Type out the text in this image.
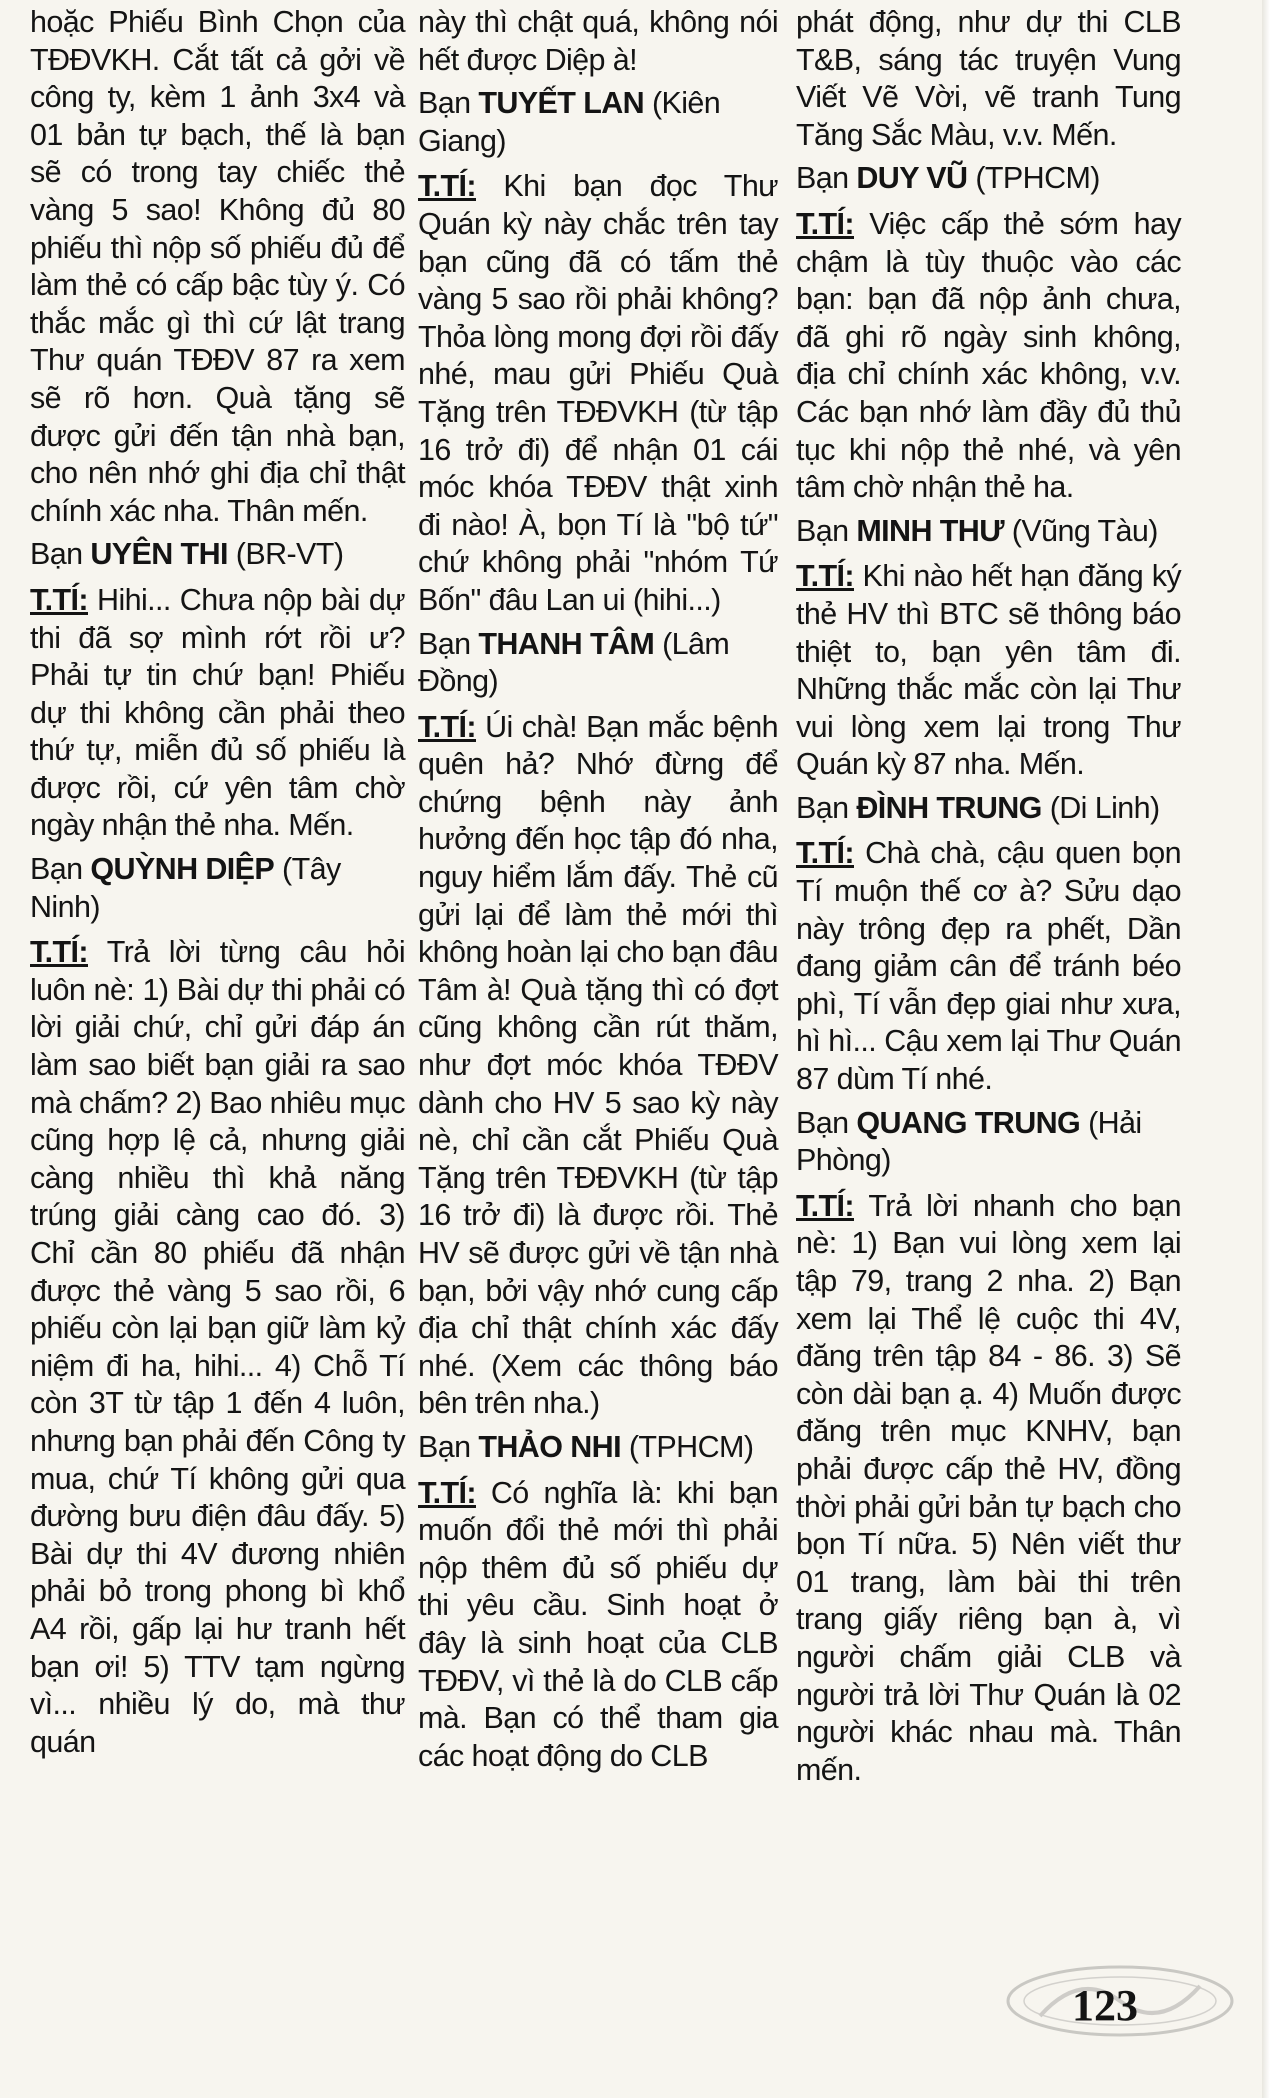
hoặc Phiếu Bình Chọn của TĐĐVKH. Cắt tất cả gởi về công ty, kèm 1 ảnh 3x4 và 01 bản tự bạch, thế là bạn sẽ có trong tay chiếc thẻ vàng 5 sao! Không đủ 80 phiếu thì nộp số phiếu đủ để làm thẻ có cấp bậc tùy ý. Có thắc mắc gì thì cứ lật trang Thư quán TĐĐV 87 ra xem sẽ rõ hơn. Quà tặng sẽ được gửi đến tận nhà bạn, cho nên nhớ ghi địa chỉ thật chính xác nha. Thân mến.

Bạn UYÊN THI (BR-VT)

T.TÍ: Hihi... Chưa nộp bài dự thi đã sợ mình rớt rồi ư? Phải tự tin chứ bạn! Phiếu dự thi không cần phải theo thứ tự, miễn đủ số phiếu là được rồi, cứ yên tâm chờ ngày nhận thẻ nha. Mến.

Bạn QUỲNH DIỆP (Tây Ninh)

T.TÍ: Trả lời từng câu hỏi luôn nè: 1) Bài dự thi phải có lời giải chứ, chỉ gửi đáp án làm sao biết bạn giải ra sao mà chấm? 2) Bao nhiêu mục cũng hợp lệ cả, nhưng giải càng nhiều thì khả năng trúng giải càng cao đó. 3) Chỉ cần 80 phiếu đã nhận được thẻ vàng 5 sao rồi, 6 phiếu còn lại bạn giữ làm kỷ niệm đi ha, hihi... 4) Chỗ Tí còn 3T từ tập 1 đến 4 luôn, nhưng bạn phải đến Công ty mua, chứ Tí không gửi qua đường bưu điện đâu đấy. 5) Bài dự thi 4V đương nhiên phải bỏ trong phong bì khổ A4 rồi, gấp lại hư tranh hết bạn ơi! 5) TTV tạm ngừng vì... nhiều lý do, mà thư quán

này thì chật quá, không nói hết được Diệp à!

Bạn TUYẾT LAN (Kiên Giang)

T.TÍ: Khi bạn đọc Thư Quán kỳ này chắc trên tay bạn cũng đã có tấm thẻ vàng 5 sao rồi phải không? Thỏa lòng mong đợi rồi đấy nhé, mau gửi Phiếu Quà Tặng trên TĐĐVKH (từ tập 16 trở đi) để nhận 01 cái móc khóa TĐĐV thật xinh đi nào! À, bọn Tí là "bộ tứ" chứ không phải "nhóm Tứ Bốn" đâu Lan ui (hihi...)

Bạn THANH TÂM (Lâm Đồng)

T.TÍ: Úi chà! Bạn mắc bệnh quên hả? Nhớ đừng để chứng bệnh này ảnh hưởng đến học tập đó nha, nguy hiểm lắm đấy. Thẻ cũ gửi lại để làm thẻ mới thì không hoàn lại cho bạn đâu Tâm à! Quà tặng thì có đợt cũng không cần rút thăm, như đợt móc khóa TĐĐV dành cho HV 5 sao kỳ này nè, chỉ cần cắt Phiếu Quà Tặng trên TĐĐVKH (từ tập 16 trở đi) là được rồi. Thẻ HV sẽ được gửi về tận nhà bạn, bởi vậy nhớ cung cấp địa chỉ thật chính xác đấy nhé. (Xem các thông báo bên trên nha.)

Bạn THẢO NHI (TPHCM)

T.TÍ: Có nghĩa là: khi bạn muốn đổi thẻ mới thì phải nộp thêm đủ số phiếu dự thi yêu cầu. Sinh hoạt ở đây là sinh hoạt của CLB TĐĐV, vì thẻ là do CLB cấp mà. Bạn có thể tham gia các hoạt động do CLB

phát động, như dự thi CLB T&B, sáng tác truyện Vung Viết Vẽ Vời, vẽ tranh Tung Tăng Sắc Màu, v.v. Mến.

Bạn DUY VŨ (TPHCM)

T.TÍ: Việc cấp thẻ sớm hay chậm là tùy thuộc vào các bạn: bạn đã nộp ảnh chưa, đã ghi rõ ngày sinh không, địa chỉ chính xác không, v.v. Các bạn nhớ làm đầy đủ thủ tục khi nộp thẻ nhé, và yên tâm chờ nhận thẻ ha.

Bạn MINH THƯ (Vũng Tàu)

T.TÍ: Khi nào hết hạn đăng ký thẻ HV thì BTC sẽ thông báo thiệt to, bạn yên tâm đi. Những thắc mắc còn lại Thư vui lòng xem lại trong Thư Quán kỳ 87 nha. Mến.

Bạn ĐÌNH TRUNG (Di Linh)

T.TÍ: Chà chà, cậu quen bọn Tí muộn thế cơ à? Sửu dạo này trông đẹp ra phết, Dần đang giảm cân để tránh béo phì, Tí vẫn đẹp giai như xưa, hì hì... Cậu xem lại Thư Quán 87 dùm Tí nhé.

Bạn QUANG TRUNG (Hải Phòng)

T.TÍ: Trả lời nhanh cho bạn nè: 1) Bạn vui lòng xem lại tập 79, trang 2 nha. 2) Bạn xem lại Thể lệ cuộc thi 4V, đăng trên tập 84 - 86. 3) Sẽ còn dài bạn ạ. 4) Muốn được đăng trên mục KNHV, bạn phải được cấp thẻ HV, đồng thời phải gửi bản tự bạch cho bọn Tí nữa. 5) Nên viết thư 01 trang, làm bài thi trên trang giấy riêng bạn à, vì người chấm giải CLB và người trả lời Thư Quán là 02 người khác nhau mà. Thân mến.

123
